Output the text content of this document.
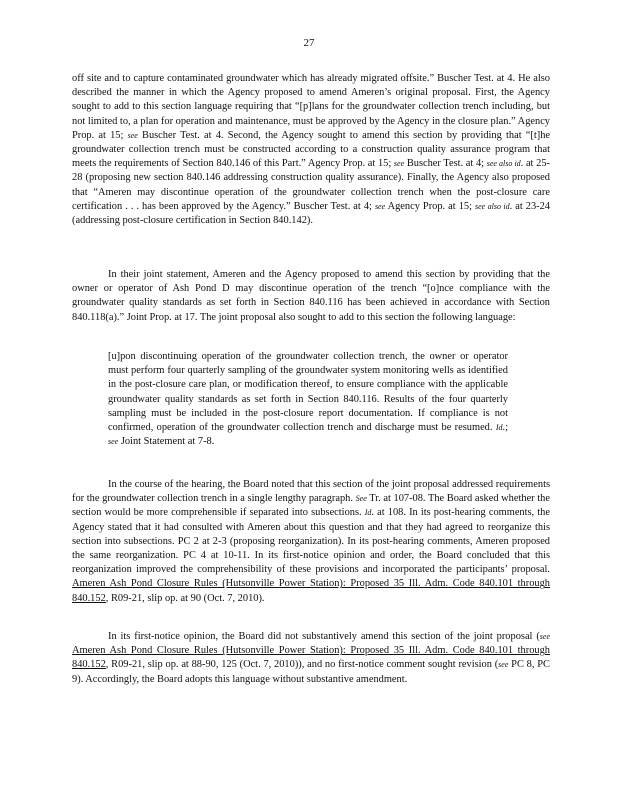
27

off site and to capture contaminated groundwater which has already migrated offsite.” Buscher Test. at 4. He also described the manner in which the Agency proposed to amend Ameren’s original proposal. First, the Agency sought to add to this section language requiring that “[p]lans for the groundwater collection trench including, but not limited to, a plan for operation and maintenance, must be approved by the Agency in the closure plan.” Agency Prop. at 15; see Buscher Test. at 4. Second, the Agency sought to amend this section by providing that “[t]he groundwater collection trench must be constructed according to a construction quality assurance program that meets the requirements of Section 840.146 of this Part.” Agency Prop. at 15; see Buscher Test. at 4; see also id. at 25-28 (proposing new section 840.146 addressing construction quality assurance). Finally, the Agency also proposed that “Ameren may discontinue operation of the groundwater collection trench when the post-closure care certification . . . has been approved by the Agency.” Buscher Test. at 4; see Agency Prop. at 15; see also id. at 23-24 (addressing post-closure certification in Section 840.142).

In their joint statement, Ameren and the Agency proposed to amend this section by providing that the owner or operator of Ash Pond D may discontinue operation of the trench “[o]nce compliance with the groundwater quality standards as set forth in Section 840.116 has been achieved in accordance with Section 840.118(a).” Joint Prop. at 17. The joint proposal also sought to add to this section the following language:

[u]pon discontinuing operation of the groundwater collection trench, the owner or operator must perform four quarterly sampling of the groundwater system monitoring wells as identified in the post-closure care plan, or modification thereof, to ensure compliance with the applicable groundwater quality standards as set forth in Section 840.116. Results of the four quarterly sampling must be included in the post-closure report documentation. If compliance is not confirmed, operation of the groundwater collection trench and discharge must be resumed. Id.; see Joint Statement at 7-8.

In the course of the hearing, the Board noted that this section of the joint proposal addressed requirements for the groundwater collection trench in a single lengthy paragraph. See Tr. at 107-08. The Board asked whether the section would be more comprehensible if separated into subsections. Id. at 108. In its post-hearing comments, the Agency stated that it had consulted with Ameren about this question and that they had agreed to reorganize this section into subsections. PC 2 at 2-3 (proposing reorganization). In its post-hearing comments, Ameren proposed the same reorganization. PC 4 at 10-11. In its first-notice opinion and order, the Board concluded that this reorganization improved the comprehensibility of these provisions and incorporated the participants’ proposal. Ameren Ash Pond Closure Rules (Hutsonville Power Station): Proposed 35 Ill. Adm. Code 840.101 through 840.152, R09-21, slip op. at 90 (Oct. 7, 2010).

In its first-notice opinion, the Board did not substantively amend this section of the joint proposal (see Ameren Ash Pond Closure Rules (Hutsonville Power Station): Proposed 35 Ill. Adm. Code 840.101 through 840.152, R09-21, slip op. at 88-90, 125 (Oct. 7, 2010)), and no first-notice comment sought revision (see PC 8, PC 9). Accordingly, the Board adopts this language without substantive amendment.
